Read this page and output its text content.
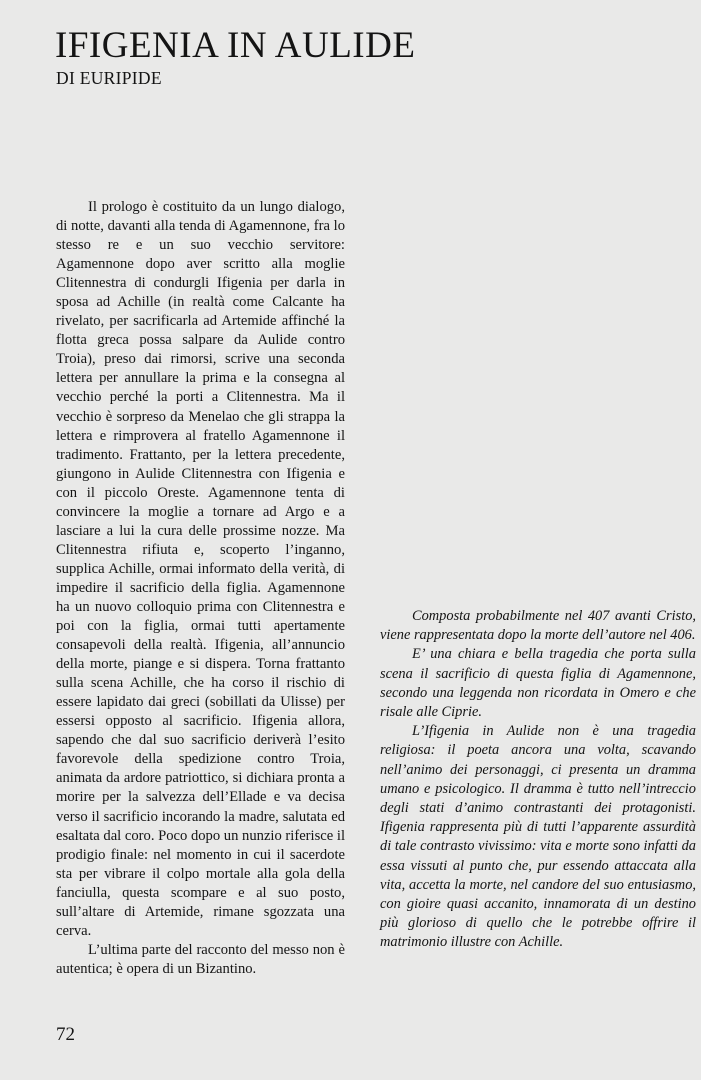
IFIGENIA IN AULIDE
DI EURIPIDE

Il prologo è costituito da un lungo dialogo, di notte, davanti alla tenda di Agamennone, fra lo stesso re e un suo vecchio servitore: Agamennone dopo aver scritto alla moglie Clitennestra di condurgli Ifigenia per darla in sposa ad Achille (in realtà come Calcante ha rivelato, per sacrificarla ad Artemide affinché la flotta greca possa salpare da Aulide contro Troia), preso dai rimorsi, scrive una seconda lettera per annullare la prima e la consegna al vecchio perché la porti a Clitennestra. Ma il vecchio è sorpreso da Menelao che gli strappa la lettera e rimprovera al fratello Agamennone il tradimento. Frattanto, per la lettera precedente, giungono in Aulide Clitennestra con Ifigenia e con il piccolo Oreste. Agamennone tenta di convincere la moglie a tornare ad Argo e a lasciare a lui la cura delle prossime nozze. Ma Clitennestra rifiuta e, scoperto l’inganno, supplica Achille, ormai informato della verità, di impedire il sacrificio della figlia. Agamennone ha un nuovo colloquio prima con Clitennestra e poi con la figlia, ormai tutti apertamente consapevoli della realtà. Ifigenia, all’annuncio della morte, piange e si dispera. Torna frattanto sulla scena Achille, che ha corso il rischio di essere lapidato dai greci (sobillati da Ulisse) per essersi opposto al sacrificio. Ifigenia allora, sapendo che dal suo sacrificio deriverà l’esito favorevole della spedizione contro Troia, animata da ardore patriottico, si dichiara pronta a morire per la salvezza dell’Ellade e va decisa verso il sacrificio incorando la madre, salutata ed esaltata dal coro. Poco dopo un nunzio riferisce il prodigio finale: nel momento in cui il sacerdote sta per vibrare il colpo mortale alla gola della fanciulla, questa scompare e al suo posto, sull’altare di Artemide, rimane sgozzata una cerva.

L’ultima parte del racconto del messo non è autentica; è opera di un Bizantino.

Composta probabilmente nel 407 avanti Cristo, viene rappresentata dopo la morte dell’autore nel 406.

E’ una chiara e bella tragedia che porta sulla scena il sacrificio di questa figlia di Agamennone, secondo una leggenda non ricordata in Omero e che risale alle Ciprie.

L’Ifigenia in Aulide non è una tragedia religiosa: il poeta ancora una volta, scavando nell’animo dei personaggi, ci presenta un dramma umano e psicologico. Il dramma è tutto nell’intreccio degli stati d’animo contrastanti dei protagonisti. Ifigenia rappresenta più di tutti l’apparente assurdità di tale contrasto vivissimo: vita e morte sono infatti da essa vissuti al punto che, pur essendo attaccata alla vita, accetta la morte, nel candore del suo entusiasmo, con gioire quasi accanito, innamorata di un destino più glorioso di quello che le potrebbe offrire il matrimonio illustre con Achille.

72
